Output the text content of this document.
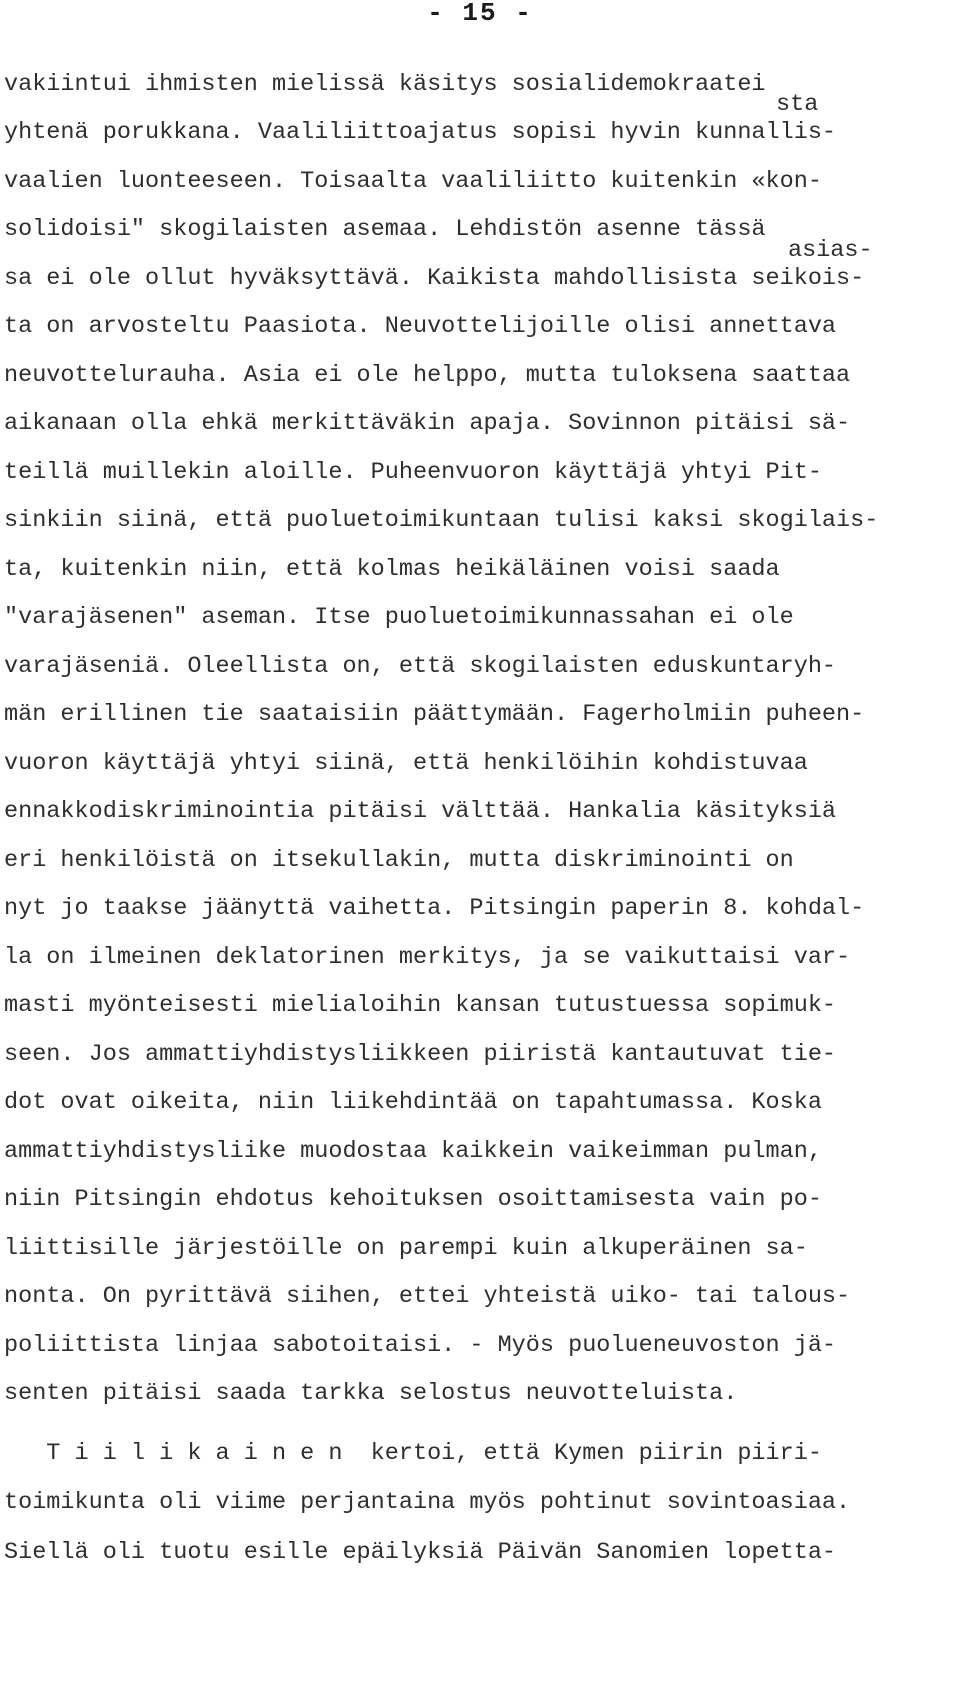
- 15 -
sta
asias-
vakiintui ihmisten mielissä käsitys sosialidemokraatei
yhtenä porukkana. Vaaliliittoajatus sopisi hyvin kunnallis-
vaalien luonteeseen. Toisaalta vaaliliitto kuitenkin «kon-
solidoisi" skogilaisten asemaa. Lehdistön asenne tässä
sa ei ole ollut hyväksyttävä. Kaikista mahdollisista seikois-
ta on arvosteltu Paasiota. Neuvottelijoille olisi annettava
neuvottelurauha. Asia ei ole helppo, mutta tuloksena saattaa
aikanaan olla ehkä merkittäväkin apaja. Sovinnon pitäisi sä-
teillä muillekin aloille. Puheenvuoron käyttäjä yhtyi Pit-
sinkiin siinä, että puoluetoimikuntaan tulisi kaksi skogilais-
ta, kuitenkin niin, että kolmas heikäläinen voisi saada
"varajäsenen" aseman. Itse puoluetoimikunnassahan ei ole
varajäseniä. Oleellista on, että skogilaisten eduskuntaryh-
män erillinen tie saataisiin päättymään. Fagerholmiin puheen-
vuoron käyttäjä yhtyi siinä, että henkilöihin kohdistuvaa
ennakkodiskriminointia pitäisi välttää. Hankalia käsityksiä
eri henkilöistä on itsekullakin, mutta diskriminointi on
nyt jo taakse jäänyttä vaihetta. Pitsingin paperin 8. kohdal-
la on ilmeinen deklatorinen merkitys, ja se vaikuttaisi var-
masti myönteisesti mielialoihin kansan tutustuessa sopimuk-
seen. Jos ammattiyhdistysliikkeen piiristä kantautuvat tie-
dot ovat oikeita, niin liikehdintää on tapahtumassa. Koska
ammattiyhdistysliike muodostaa kaikkein vaikeimman pulman,
niin Pitsingin ehdotus kehoituksen osoittamisesta vain po-
liittisille järjestöille on parempi kuin alkuperäinen sa-
nonta. On pyrittävä siihen, ettei yhteistä uiko- tai talous-
poliittista linjaa sabotoitaisi. - Myös puolueneuvoston jä-
senten pitäisi saada tarkka selostus neuvotteluista.
T i i l i k a i n e n  kertoi, että Kymen piirin piiri-
toimikunta oli viime perjantaina myös pohtinut sovintoasiaa.
Siellä oli tuotu esille epäilyksiä Päivän Sanomien lopetta-
